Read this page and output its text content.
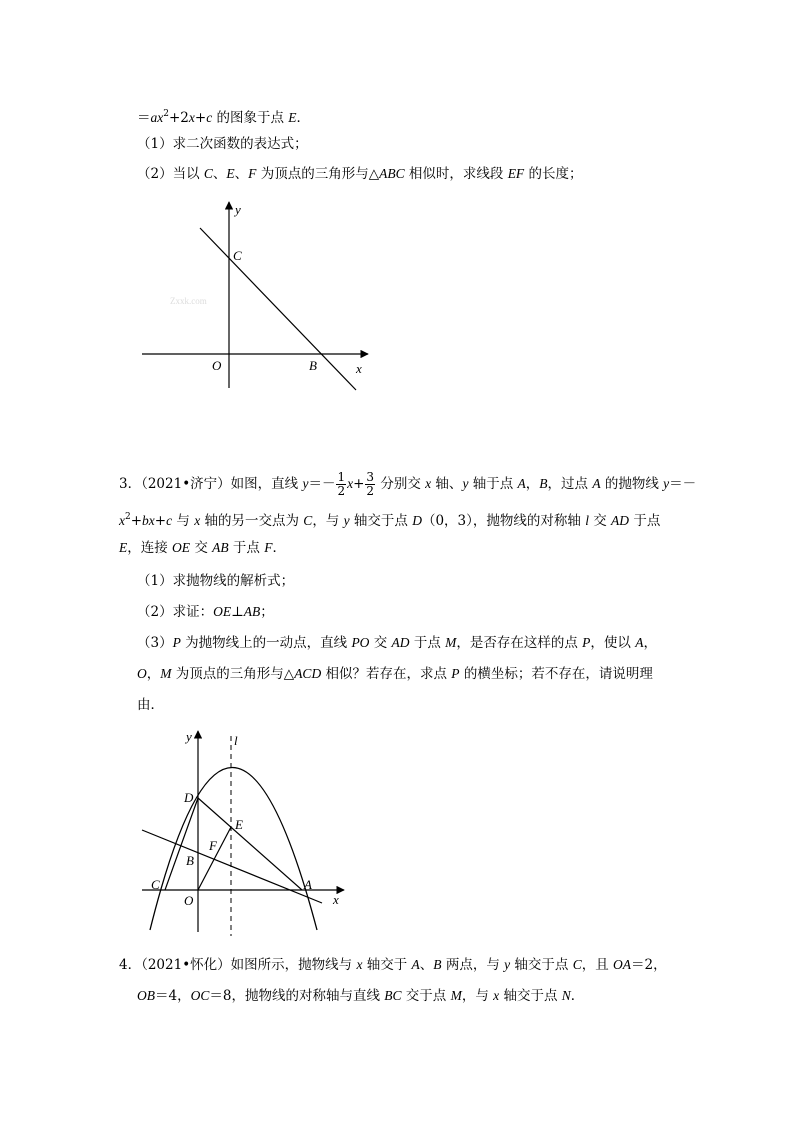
$=ax^2+2x+c$ 的图象于点 E．
（1）求二次函数的表达式；
（2）当以 C、E、F 为顶点的三角形与△ABC 相似时，求线段 EF 的长度；
y
C
O	B	x
Zxxk.com
3．（2021•济宁）如图，直线 $y=- \frac{1}{2} x+ \frac{3}{2}$ 分别交 x 轴、y 轴于点 A，B，过点 A 的抛物线 y＝－
$x^2+bx+c$ 与 x 轴的另一交点为 C，与 y 轴交于点 D（0，3），抛物线的对称轴 l 交 AD 于点
E，连接 OE 交 AB 于点 F．
（1）求抛物线的解析式；
（2）求证：OE⊥AB；
（3）P 为抛物线上的一动点，直线 PO 交 AD 于点 M，是否存在这样的点 P，使以 A，
O，M 为顶点的三角形与△ACD 相似？若存在，求点 P 的横坐标；若不存在，请说明理
由．
y	l
D
E
F
B
C	A
O	x
4．（2021•怀化）如图所示，抛物线与 x 轴交于 A、B 两点，与 y 轴交于点 C，且 OA＝2，
OB＝4，OC＝8，抛物线的对称轴与直线 BC 交于点 M，与 x 轴交于点 N．
